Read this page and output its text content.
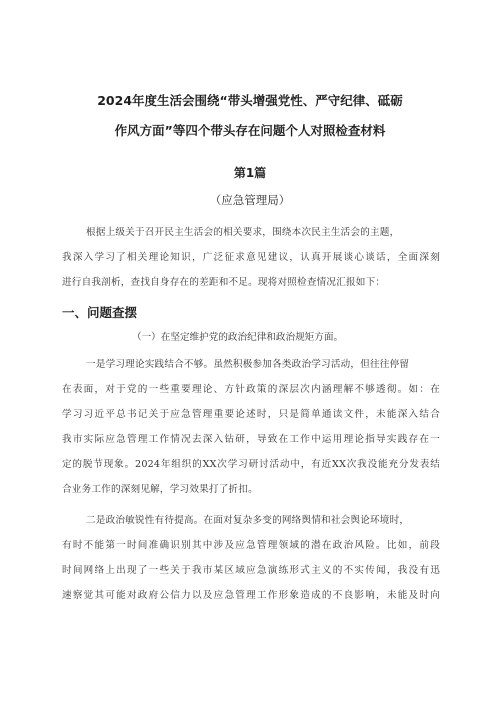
2024年度生活会围绕“带头增强党性、严守纪律、砥砺
作风方面”等四个带头存在问题个人对照检查材料
第1篇
（应急管理局）
根据上级关于召开民主生活会的相关要求，围绕本次民主生活会的主题，
我深入学习了相关理论知识，广泛征求意见建议，认真开展谈心谈话，全面深刻
进行自我剖析，查找自身存在的差距和不足。现将对照检查情况汇报如下：
一、问题查摆
（一）在坚定维护党的政治纪律和政治规矩方面。
一是学习理论实践结合不够。虽然积极参加各类政治学习活动，但往往停留
在表面，对于党的一些重要理论、方针政策的深层次内涵理解不够透彻。如：在
学习习近平总书记关于应急管理重要论述时，只是简单通读文件，未能深入结合
我市实际应急管理工作情况去深入钻研，导致在工作中运用理论指导实践存在一
定的脱节现象。2024年组织的XX次学习研讨活动中，有近XX次我没能充分发表结
合业务工作的深刻见解，学习效果打了折扣。
二是政治敏锐性有待提高。在面对复杂多变的网络舆情和社会舆论环境时，
有时不能第一时间准确识别其中涉及应急管理领域的潜在政治风险。比如，前段
时间网络上出现了一些关于我市某区域应急演练形式主义的不实传闻，我没有迅
速察觉其可能对政府公信力以及应急管理工作形象造成的不良影响，未能及时向
